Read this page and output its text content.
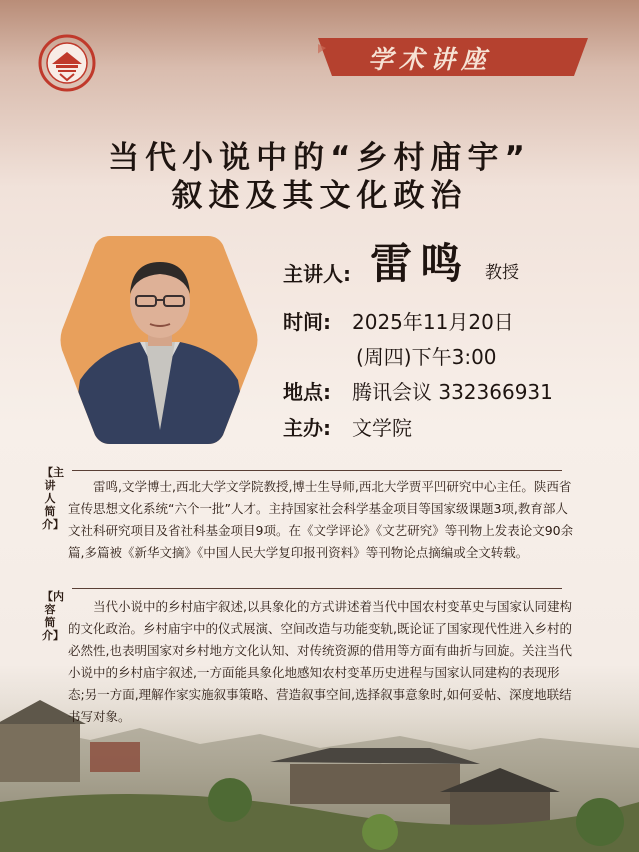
学术讲座
当代小说中的“乡村庙宇”
叙述及其文化政治
主讲人: 雷鸣 教授
时间: 2025年11月20日
(周四)下午3:00
地点: 腾讯会议 332366931
主办: 文学院
【主讲人简介】

雷鸣,文学博士,西北大学文学院教授,博士生导师,西北大学贾平凹研究中心主任。陕西省宣传思想文化系统“六个一批”人才。主持国家社会科学基金项目等国家级课题3项,教育部人文社科研究项目及省社科基金项目9项。在《文学评论》《文艺研究》等刊物上发表论文90余篇,多篇被《新华文摘》《中国人民大学复印报刊资料》等刊物论点摘编或全文转载。

【内容简介】

当代小说中的乡村庙宇叙述,以具象化的方式讲述着当代中国农村变革史与国家认同建构的文化政治。乡村庙宇中的仪式展演、空间改造与功能变轨,既论证了国家现代性进入乡村的必然性,也表明国家对乡村地方文化认知、对传统资源的借用等方面有曲折与回旋。关注当代小说中的乡村庙宇叙述,一方面能具象化地感知农村变革历史进程与国家认同建构的表现形态;另一方面,理解作家实施叙事策略、营造叙事空间,选择叙事意象时,如何妥帖、深度地联结书写对象。
